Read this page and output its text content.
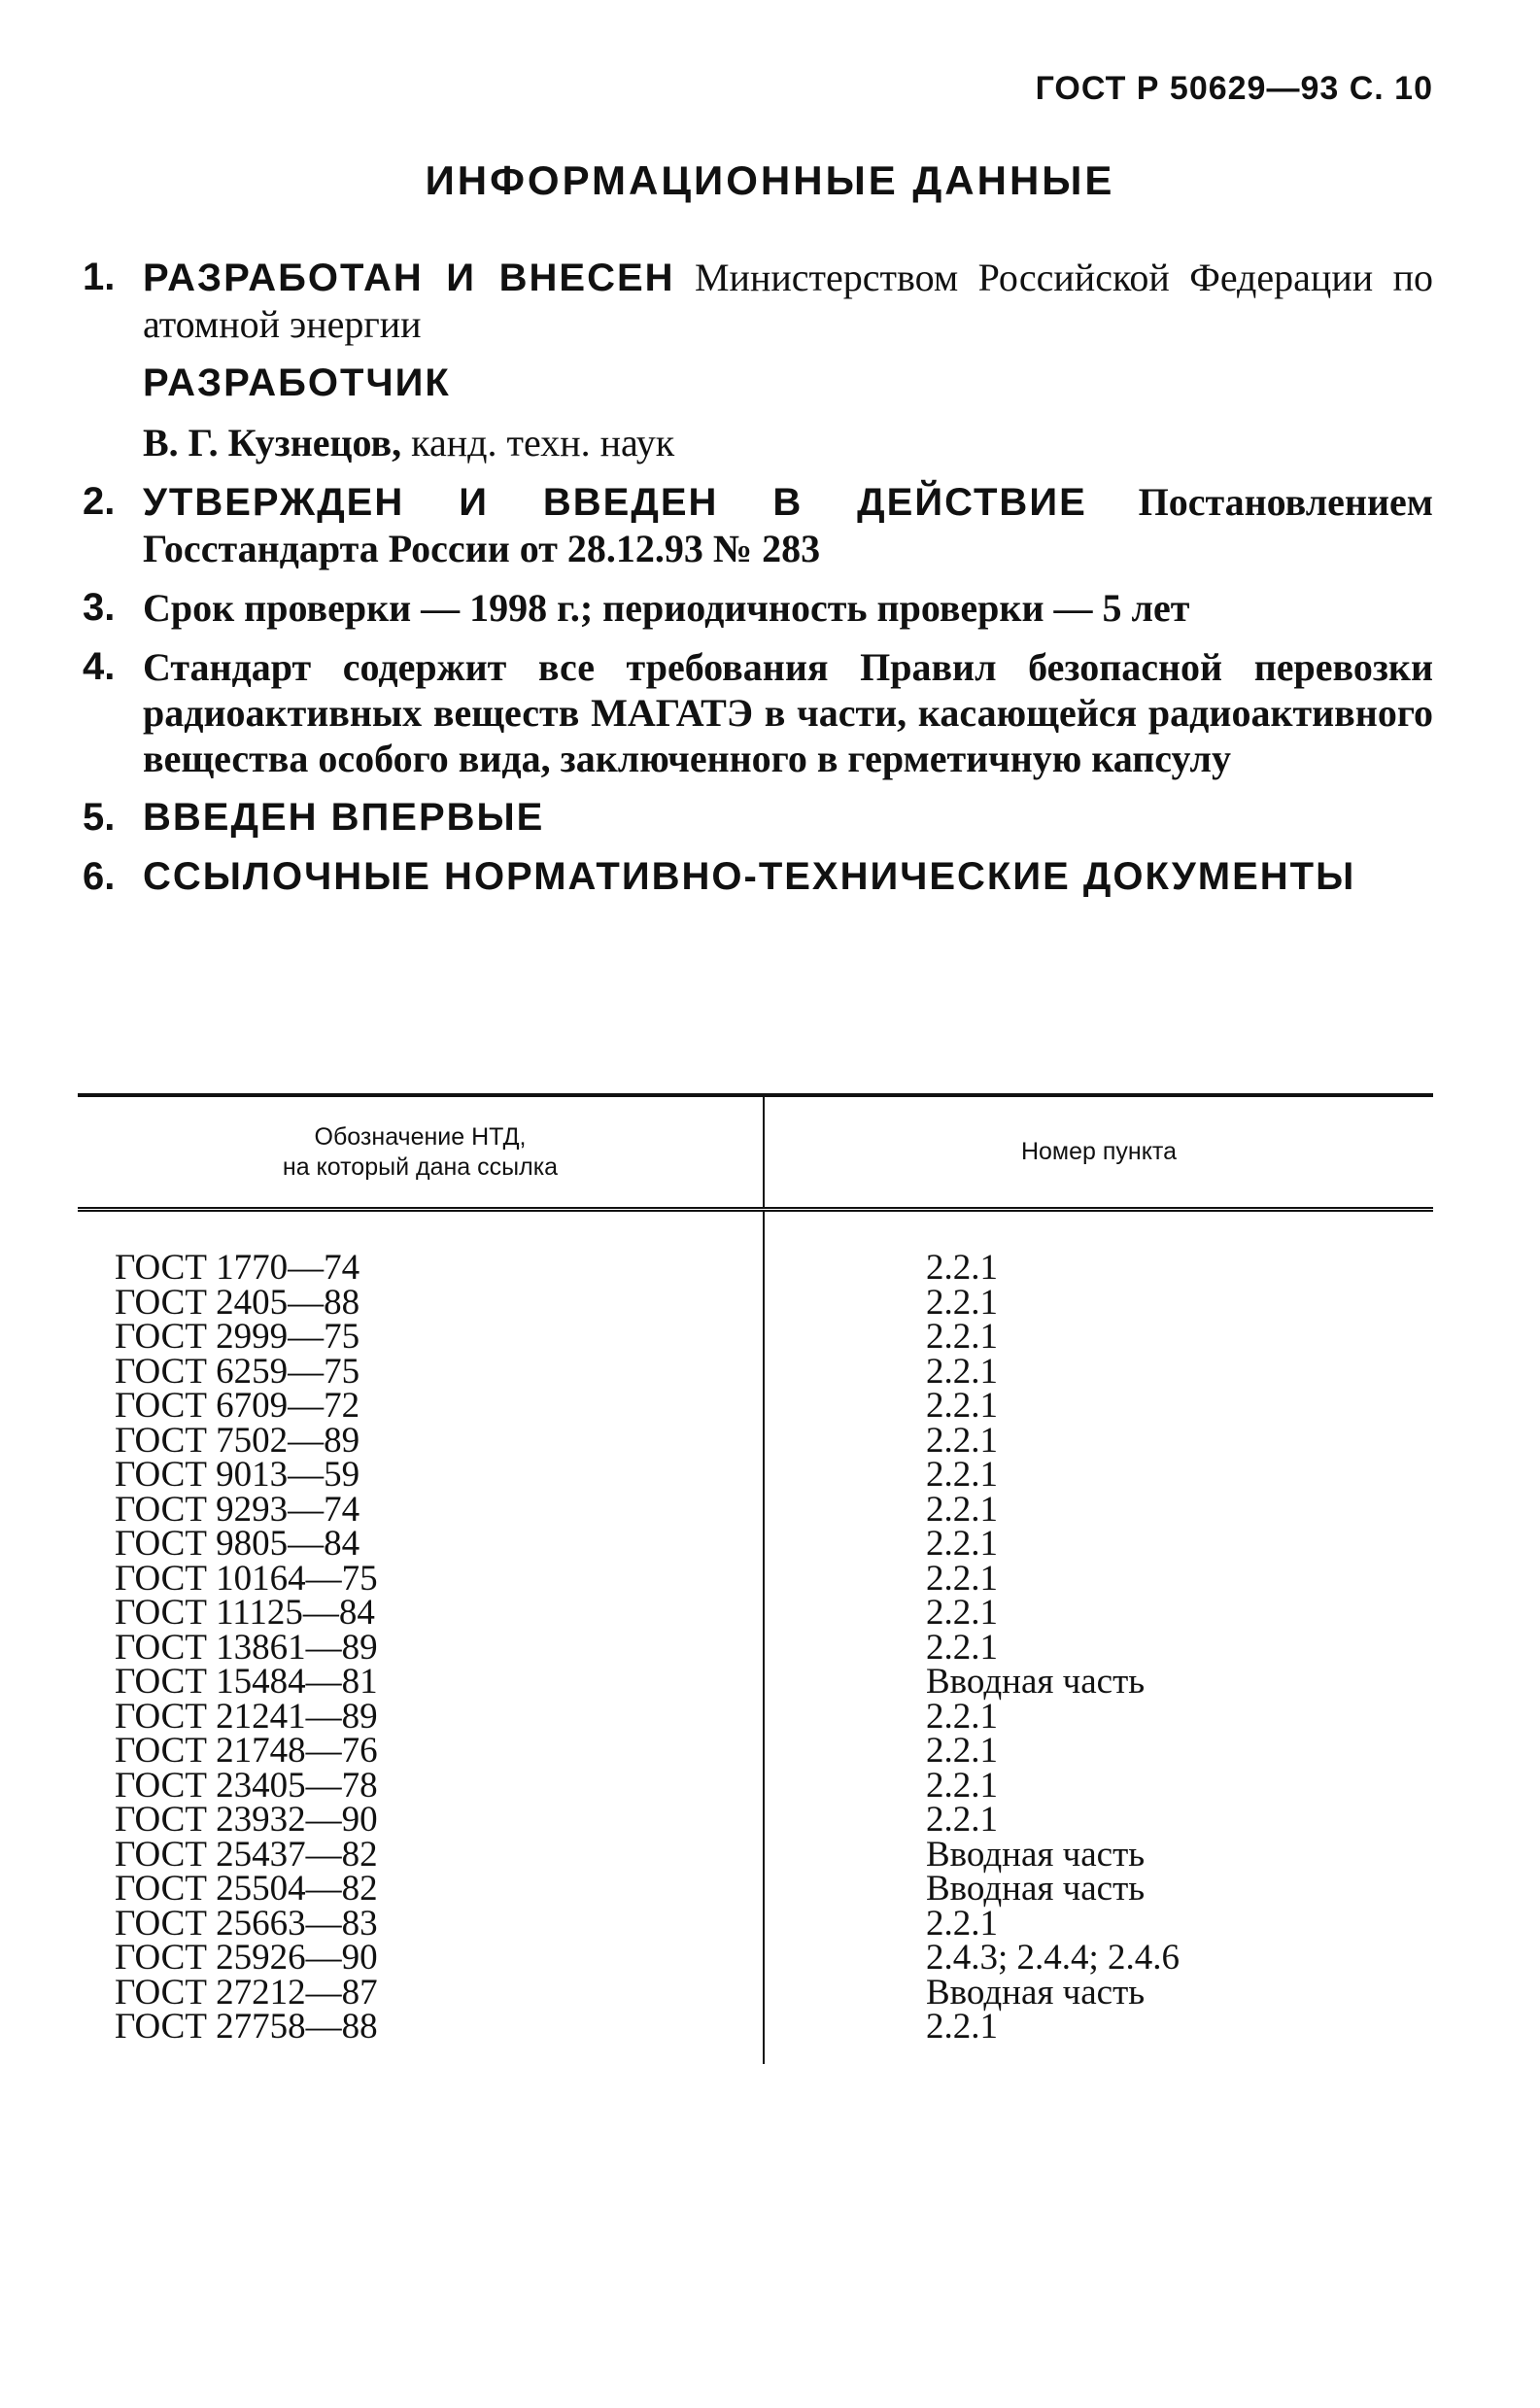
ГОСТ Р 50629—93 С. 10
ИНФОРМАЦИОННЫЕ ДАННЫЕ
1. РАЗРАБОТАН И ВНЕСЕН Министерством Российской Федерации по атомной энергии
РАЗРАБОТЧИК
В. Г. Кузнецов, канд. техн. наук
2. УТВЕРЖДЕН И ВВЕДЕН В ДЕЙСТВИЕ Постановлением Госстандарта России от 28.12.93 № 283
3. Срок проверки — 1998 г.; периодичность проверки — 5 лет
4. Стандарт содержит все требования Правил безопасной перевозки радиоактивных веществ МАГАТЭ в части, касающейся радиоактивного вещества особого вида, заключенного в герметичную капсулу
5. ВВЕДЕН ВПЕРВЫЕ
6. ССЫЛОЧНЫЕ НОРМАТИВНО-ТЕХНИЧЕСКИЕ ДОКУМЕНТЫ
Обозначение НТД,
на который дана ссылка
Номер пункта
ГОСТ 1770—74
ГОСТ 2405—88
ГОСТ 2999—75
ГОСТ 6259—75
ГОСТ 6709—72
ГОСТ 7502—89
ГОСТ 9013—59
ГОСТ 9293—74
ГОСТ 9805—84
ГОСТ 10164—75
ГОСТ 11125—84
ГОСТ 13861—89
ГОСТ 15484—81
ГОСТ 21241—89
ГОСТ 21748—76
ГОСТ 23405—78
ГОСТ 23932—90
ГОСТ 25437—82
ГОСТ 25504—82
ГОСТ 25663—83
ГОСТ 25926—90
ГОСТ 27212—87
ГОСТ 27758—88
2.2.1
2.2.1
2.2.1
2.2.1
2.2.1
2.2.1
2.2.1
2.2.1
2.2.1
2.2.1
2.2.1
2.2.1
Вводная часть
2.2.1
2.2.1
2.2.1
2.2.1
Вводная часть
Вводная часть
2.2.1
2.4.3; 2.4.4; 2.4.6
Вводная часть
2.2.1
